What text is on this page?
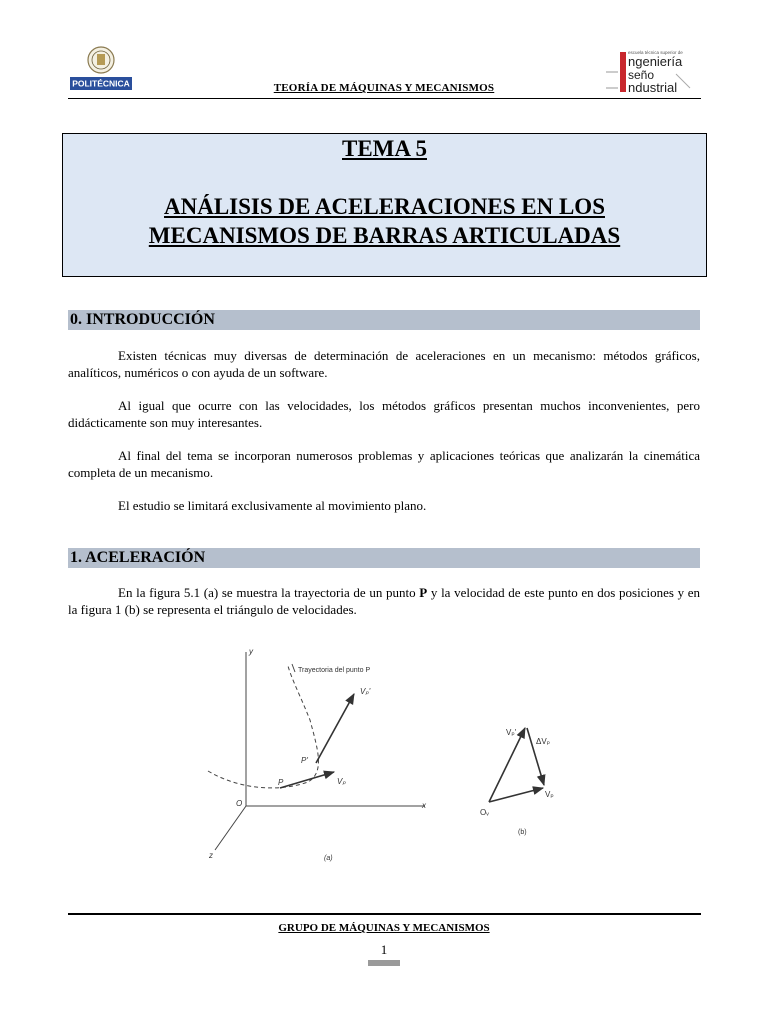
POLITÉCNICA
escuela técnica superior de
ngeniería
seño
ndustrial
TEORÍA DE MÁQUINAS Y MECANISMOS
TEMA 5
ANÁLISIS DE ACELERACIONES EN LOS
MECANISMOS DE BARRAS ARTICULADAS
0. INTRODUCCIÓN
Existen técnicas muy diversas de determinación de aceleraciones en un mecanismo: métodos gráficos, analíticos, numéricos o con ayuda de un software.
Al igual que ocurre con las velocidades, los métodos gráficos presentan muchos inconvenientes, pero didácticamente son muy interesantes.
Al final del tema se incorporan numerosos problemas y aplicaciones teóricas que analizarán la cinemática completa de un mecanismo.
El estudio se limitará exclusivamente al movimiento plano.
1. ACELERACIÓN
En la figura 5.1 (a) se muestra la trayectoria de un punto P y la velocidad de este punto en dos posiciones y en la figura 1 (b) se representa el triángulo de velocidades.
y
x
z
O
Trayectoria del punto P
P
P'
Vₚ
Vₚ'
(a)
Vₚ'
ΔVₚ
Vₚ
Oᵥ
(b)
GRUPO DE MÁQUINAS Y MECANISMOS
1
